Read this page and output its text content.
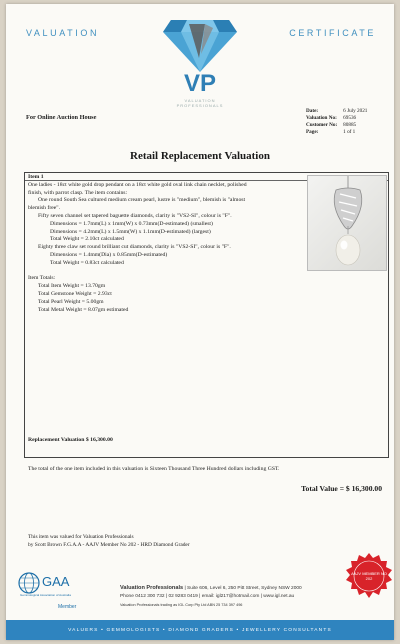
VALUATION	CERTIFICATE
VP
VALUATION PROFESSIONALS
For Online Auction House
Date:	6 July 2021
Valuation No:	69536
Customer No:	80885
Page:	1 of 1
Retail Replacement Valuation
Item 1
One ladies - 18ct white gold drop pendant on a 18ct white gold oval link chain necklet, polished
finish, with parrot clasp. The item contains:
One round South Sea cultured medium cream pearl, lustre is "medium", blemish is "almost
blemish free".
Fifty seven channel set tapered baguette diamonds, clarity is "VS2-SI", colour is "F".
Dimensions = 1.7mm(L) x 1mm(W) x 0.73mm(D-estimated) (smallest)
Dimensions = 4.2mm(L) x 1.5mm(W) x 1.1mm(D-estimated) (largest)
Total Weight = 2.10ct calculated
Eighty three claw set round brilliant cut diamonds, clarity is "VS2-SI", colour is "F".
Dimensions = 1.4mm(Dia) x 0.85mm(D-estimated)
Total Weight = 0.83ct calculated
Item Totals:
Total Item Weight = 13.70gm
Total Gemstone Weight = 2.93ct
Total Pearl Weight = 5.00gm
Total Metal Weight = 8.07gm estimated
Replacement Valuation $ 16,300.00
The total of the one item included in this valuation is Sixteen Thousand Three Hundred dollars including GST.
Total Value = $ 16,300.00
This item was valued for Valuation Professionals
by Scott Brown F.G.A.A - AAJV Member No 202 - HRD Diamond Grader
GAA
Gemmological Association of Australia
Member
Valuation Professionals | Suite 606, Level 6, 250 Pitt Street, Sydney NSW 2000
Phone 0412 300 732 | 02 9283 0419 | email: igl217@hotmail.com | www.igl.net.au
Valuation Professionals trading as IGL Corp Pty Ltd ABN 25 734 397 496
AAJV MEMBER NO
202
VALUERS • GEMMOLOGISTS • DIAMOND GRADERS • JEWELLERY CONSULTANTS
